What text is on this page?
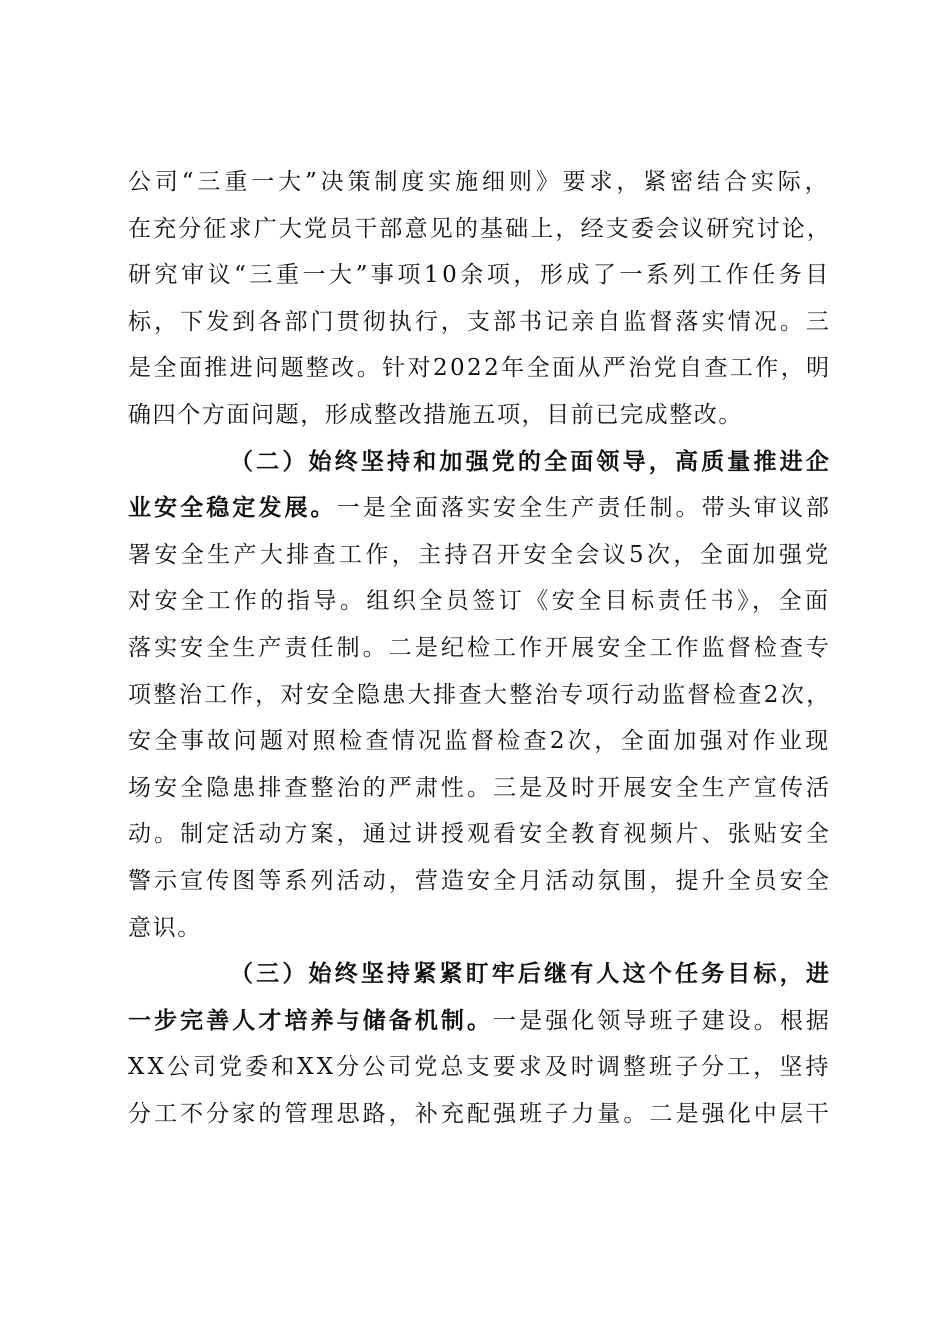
公司“三重一大”决策制度实施细则》要求，紧密结合实际，
在充分征求广大党员干部意见的基础上，经支委会议研究讨论，
研究审议“三重一大”事项10余项，形成了一系列工作任务目
标，下发到各部门贯彻执行，支部书记亲自监督落实情况。三
是全面推进问题整改。针对2022年全面从严治党自查工作，明
确四个方面问题，形成整改措施五项，目前已完成整改。
（二）始终坚持和加强党的全面领导，高质量推进企
业安全稳定发展。一是全面落实安全生产责任制。带头审议部
署安全生产大排查工作，主持召开安全会议5次，全面加强党
对安全工作的指导。组织全员签订《安全目标责任书》，全面
落实安全生产责任制。二是纪检工作开展安全工作监督检查专
项整治工作，对安全隐患大排查大整治专项行动监督检查2次，
安全事故问题对照检查情况监督检查2次，全面加强对作业现
场安全隐患排查整治的严肃性。三是及时开展安全生产宣传活
动。制定活动方案，通过讲授观看安全教育视频片、张贴安全
警示宣传图等系列活动，营造安全月活动氛围，提升全员安全
意识。
（三）始终坚持紧紧盯牢后继有人这个任务目标，进
一步完善人才培养与储备机制。一是强化领导班子建设。根据
XX公司党委和XX分公司党总支要求及时调整班子分工，坚持
分工不分家的管理思路，补充配强班子力量。二是强化中层干
